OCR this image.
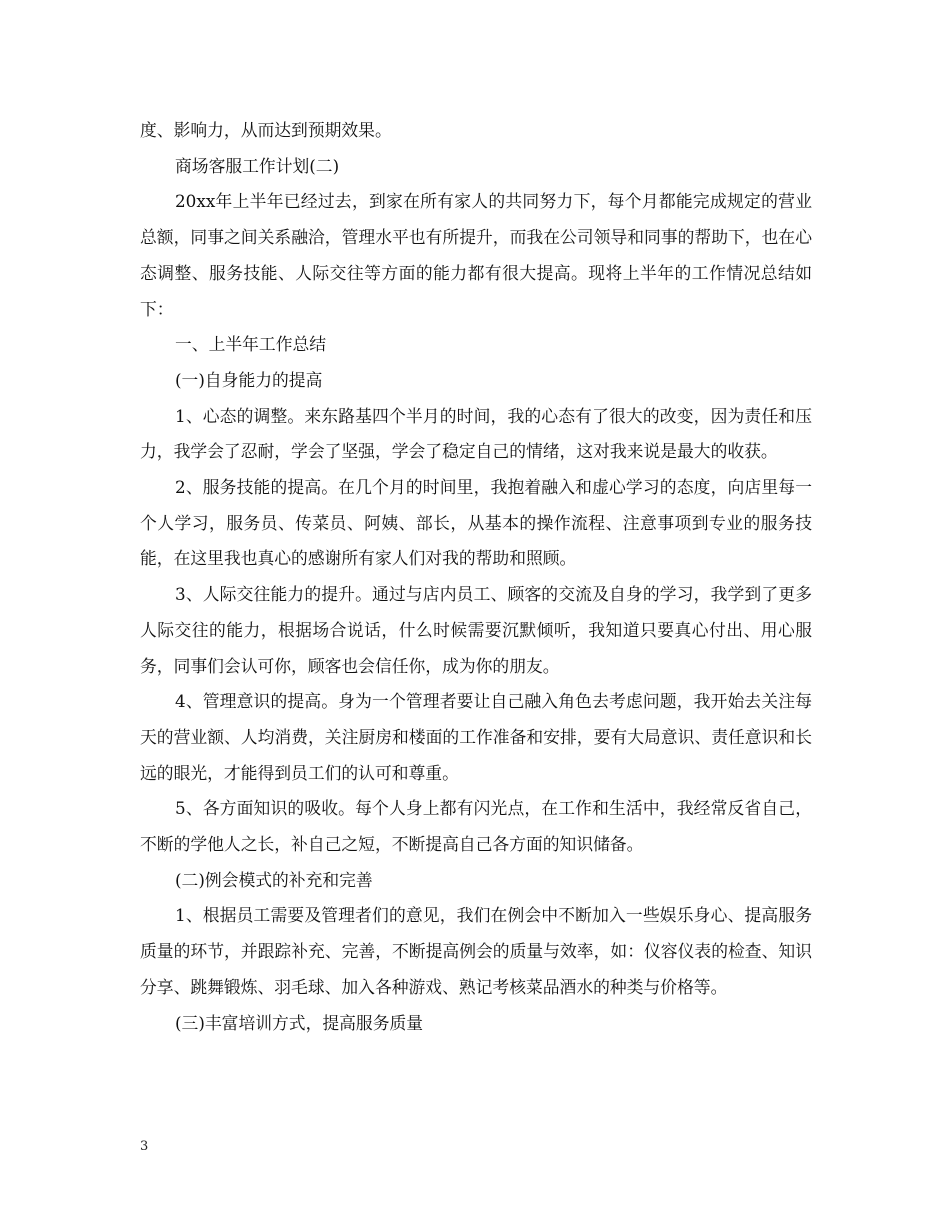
度、影响力，从而达到预期效果。

商场客服工作计划(二)

20xx年上半年已经过去，到家在所有家人的共同努力下，每个月都能完成规定的营业总额，同事之间关系融洽，管理水平也有所提升，而我在公司领导和同事的帮助下，也在心态调整、服务技能、人际交往等方面的能力都有很大提高。现将上半年的工作情况总结如下：

一、上半年工作总结

(一)自身能力的提高

1、心态的调整。来东路基四个半月的时间，我的心态有了很大的改变，因为责任和压力，我学会了忍耐，学会了坚强，学会了稳定自己的情绪，这对我来说是最大的收获。

2、服务技能的提高。在几个月的时间里，我抱着融入和虚心学习的态度，向店里每一个人学习，服务员、传菜员、阿姨、部长，从基本的操作流程、注意事项到专业的服务技能，在这里我也真心的感谢所有家人们对我的帮助和照顾。

3、人际交往能力的提升。通过与店内员工、顾客的交流及自身的学习，我学到了更多人际交往的能力，根据场合说话，什么时候需要沉默倾听，我知道只要真心付出、用心服务，同事们会认可你，顾客也会信任你，成为你的朋友。

4、管理意识的提高。身为一个管理者要让自己融入角色去考虑问题，我开始去关注每天的营业额、人均消费，关注厨房和楼面的工作准备和安排，要有大局意识、责任意识和长远的眼光，才能得到员工们的认可和尊重。

5、各方面知识的吸收。每个人身上都有闪光点，在工作和生活中，我经常反省自己，不断的学他人之长，补自己之短，不断提高自己各方面的知识储备。

(二)例会模式的补充和完善

1、根据员工需要及管理者们的意见，我们在例会中不断加入一些娱乐身心、提高服务质量的环节，并跟踪补充、完善，不断提高例会的质量与效率，如：仪容仪表的检查、知识分享、跳舞锻炼、羽毛球、加入各种游戏、熟记考核菜品酒水的种类与价格等。

(三)丰富培训方式，提高服务质量

3
